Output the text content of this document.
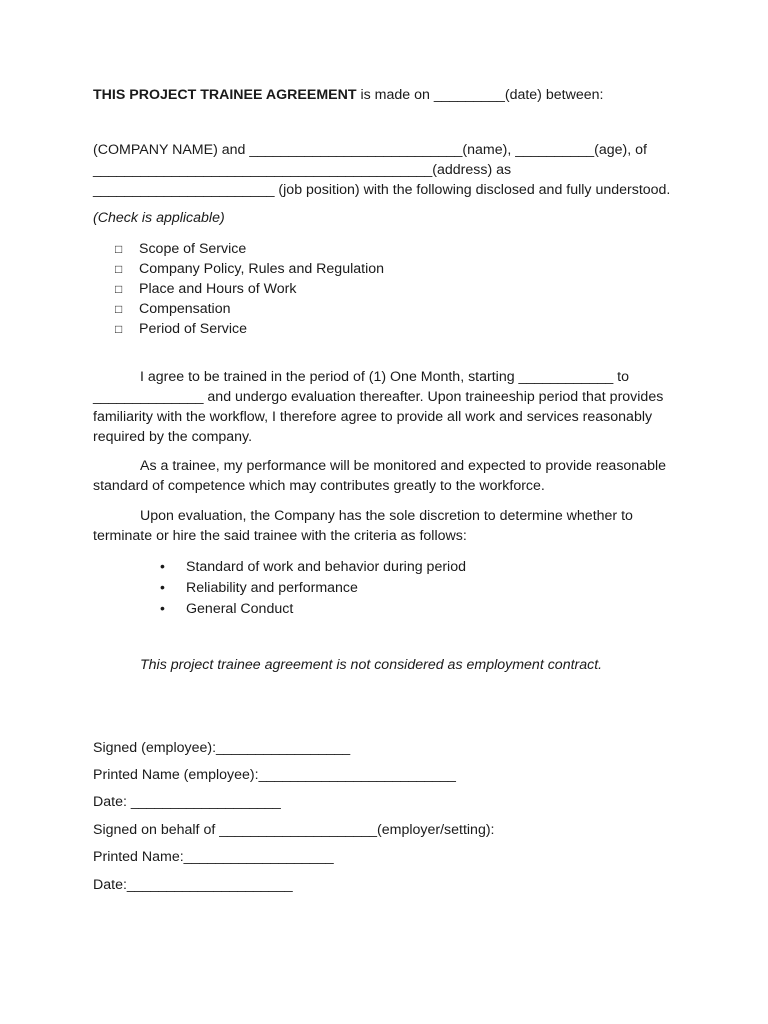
THIS PROJECT TRAINEE AGREEMENT is made on _________(date) between:
(COMPANY NAME) and ___________________________(name), __________(age), of
___________________________________________(address) as
_______________________ (job position) with the following disclosed and fully understood.
(Check is applicable)
□ Scope of Service
□ Company Policy, Rules and Regulation
□ Place and Hours of Work
□ Compensation
□ Period of Service
I agree to be trained in the period of (1) One Month, starting ____________ to
______________ and undergo evaluation thereafter. Upon traineeship period that provides
familiarity with the workflow, I therefore agree to provide all work and services reasonably
required by the company.
As a trainee, my performance will be monitored and expected to provide reasonable
standard of competence which may contributes greatly to the workforce.
Upon evaluation, the Company has the sole discretion to determine whether to
terminate or hire the said trainee with the criteria as follows:
• Standard of work and behavior during period
• Reliability and performance
• General Conduct
This project trainee agreement is not considered as employment contract.
Signed (employee):_________________
Printed Name (employee):_________________________
Date: ___________________
Signed on behalf of ____________________(employer/setting):
Printed Name:___________________
Date:_____________________
